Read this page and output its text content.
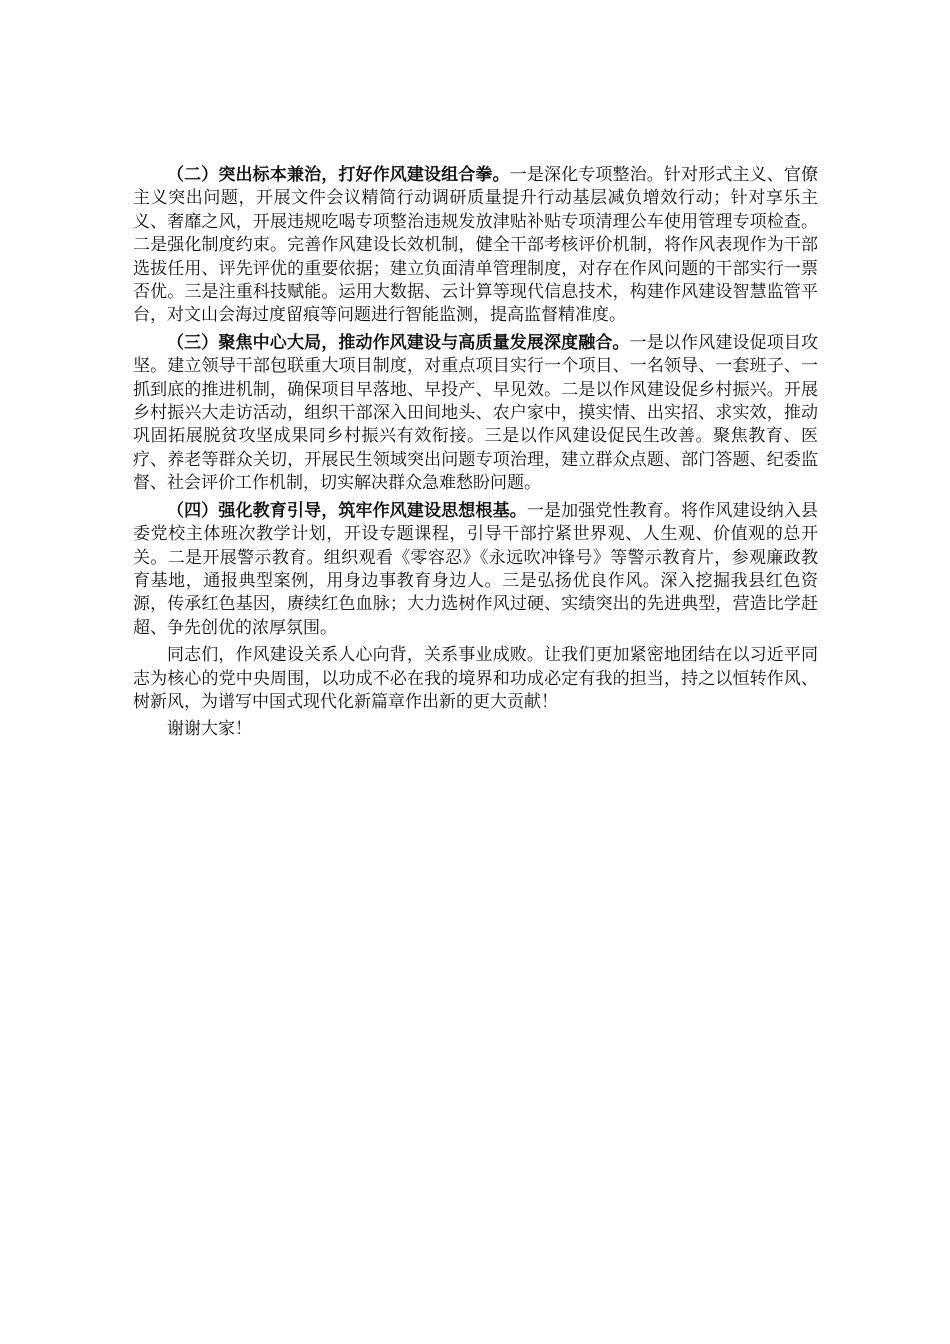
（二）突出标本兼治，打好作风建设组合拳。一是深化专项整治。针对形式主义、官僚主义突出问题，开展文件会议精简行动调研质量提升行动基层减负增效行动；针对享乐主义、奢靡之风，开展违规吃喝专项整治违规发放津贴补贴专项清理公车使用管理专项检查。二是强化制度约束。完善作风建设长效机制，健全干部考核评价机制，将作风表现作为干部选拔任用、评先评优的重要依据；建立负面清单管理制度，对存在作风问题的干部实行一票否优。三是注重科技赋能。运用大数据、云计算等现代信息技术，构建作风建设智慧监管平台，对文山会海过度留痕等问题进行智能监测，提高监督精准度。

（三）聚焦中心大局，推动作风建设与高质量发展深度融合。一是以作风建设促项目攻坚。建立领导干部包联重大项目制度，对重点项目实行一个项目、一名领导、一套班子、一抓到底的推进机制，确保项目早落地、早投产、早见效。二是以作风建设促乡村振兴。开展乡村振兴大走访活动，组织干部深入田间地头、农户家中，摸实情、出实招、求实效，推动巩固拓展脱贫攻坚成果同乡村振兴有效衔接。三是以作风建设促民生改善。聚焦教育、医疗、养老等群众关切，开展民生领域突出问题专项治理，建立群众点题、部门答题、纪委监督、社会评价工作机制，切实解决群众急难愁盼问题。

（四）强化教育引导，筑牢作风建设思想根基。一是加强党性教育。将作风建设纳入县委党校主体班次教学计划，开设专题课程，引导干部拧紧世界观、人生观、价值观的总开关。二是开展警示教育。组织观看《零容忍》《永远吹冲锋号》等警示教育片，参观廉政教育基地，通报典型案例，用身边事教育身边人。三是弘扬优良作风。深入挖掘我县红色资源，传承红色基因，赓续红色血脉；大力选树作风过硬、实绩突出的先进典型，营造比学赶超、争先创优的浓厚氛围。

同志们，作风建设关系人心向背，关系事业成败。让我们更加紧密地团结在以习近平同志为核心的党中央周围，以功成不必在我的境界和功成必定有我的担当，持之以恒转作风、树新风，为谱写中国式现代化新篇章作出新的更大贡献！

谢谢大家！
